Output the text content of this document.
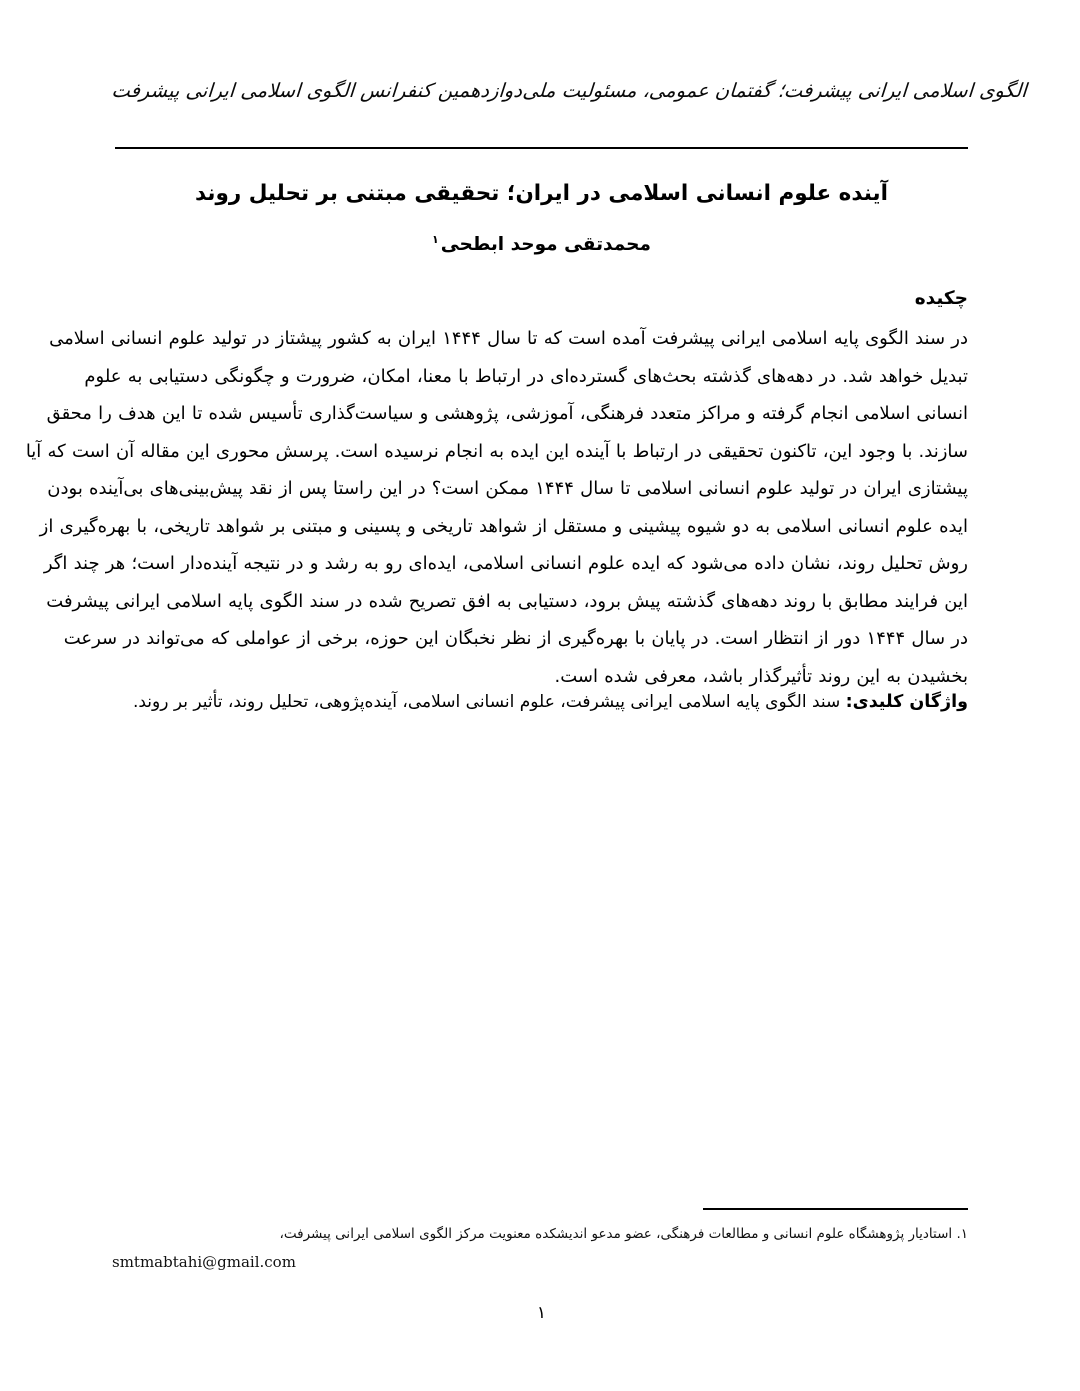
دوازدهمین کنفرانس الگوی اسلامی ایرانی پیشرفت
الگوی اسلامی ایرانی پیشرفت؛ گفتمان عمومی، مسئولیت ملی
آینده علوم انسانی اسلامی در ایران؛ تحقیقی مبتنی بر تحلیل روند
محمدتقی موحد ابطحی$^۱$
چکیده
در سند الگوی پایه اسلامی ایرانی پیشرفت آمده است که تا سال ۱۴۴۴ ایران به کشور پیشتاز در تولید علوم انسانی اسلامی
تبدیل خواهد شد. در دهه‌های گذشته بحث‌های گسترده‌ای در ارتباط با معنا، امکان، ضرورت و چگونگی دستیابی به علوم
انسانی اسلامی انجام گرفته و مراکز متعدد فرهنگی، آموزشی، پژوهشی و سیاست‌گذاری تأسیس شده تا این هدف را محقق
سازند. با وجود این، تاکنون تحقیقی در ارتباط با آینده این ایده به انجام نرسیده است. پرسش محوری این مقاله آن است که آیا
پیشتازی ایران در تولید علوم انسانی اسلامی تا سال ۱۴۴۴ ممکن است؟ در این راستا پس از نقد پیش‌بینی‌های بی‌آینده بودن
ایده علوم انسانی اسلامی به دو شیوه پیشینی و مستقل از شواهد تاریخی و پسینی و مبتنی بر شواهد تاریخی، با بهره‌گیری از
روش تحلیل روند، نشان داده می‌شود که ایده علوم انسانی اسلامی، ایده‌ای رو به رشد و در نتیجه آینده‌دار است؛ هر چند اگر
این فرایند مطابق با روند دهه‌های گذشته پیش برود، دستیابی به افق تصریح شده در سند الگوی پایه اسلامی ایرانی پیشرفت
در سال ۱۴۴۴ دور از انتظار است. در پایان با بهره‌گیری از نظر نخبگان این حوزه، برخی از عواملی که می‌تواند در سرعت
بخشیدن به این روند تأثیرگذار باشد، معرفی شده است.
واژگان کلیدی: سند الگوی پایه اسلامی ایرانی پیشرفت، علوم انسانی اسلامی، آینده‌پژوهی، تحلیل روند، تأثیر بر روند.
۱. استادیار پژوهشگاه علوم انسانی و مطالعات فرهنگی، عضو مدعو اندیشکده معنویت مرکز الگوی اسلامی ایرانی پیشرفت،
smtmabtahi@gmail.com
۱
